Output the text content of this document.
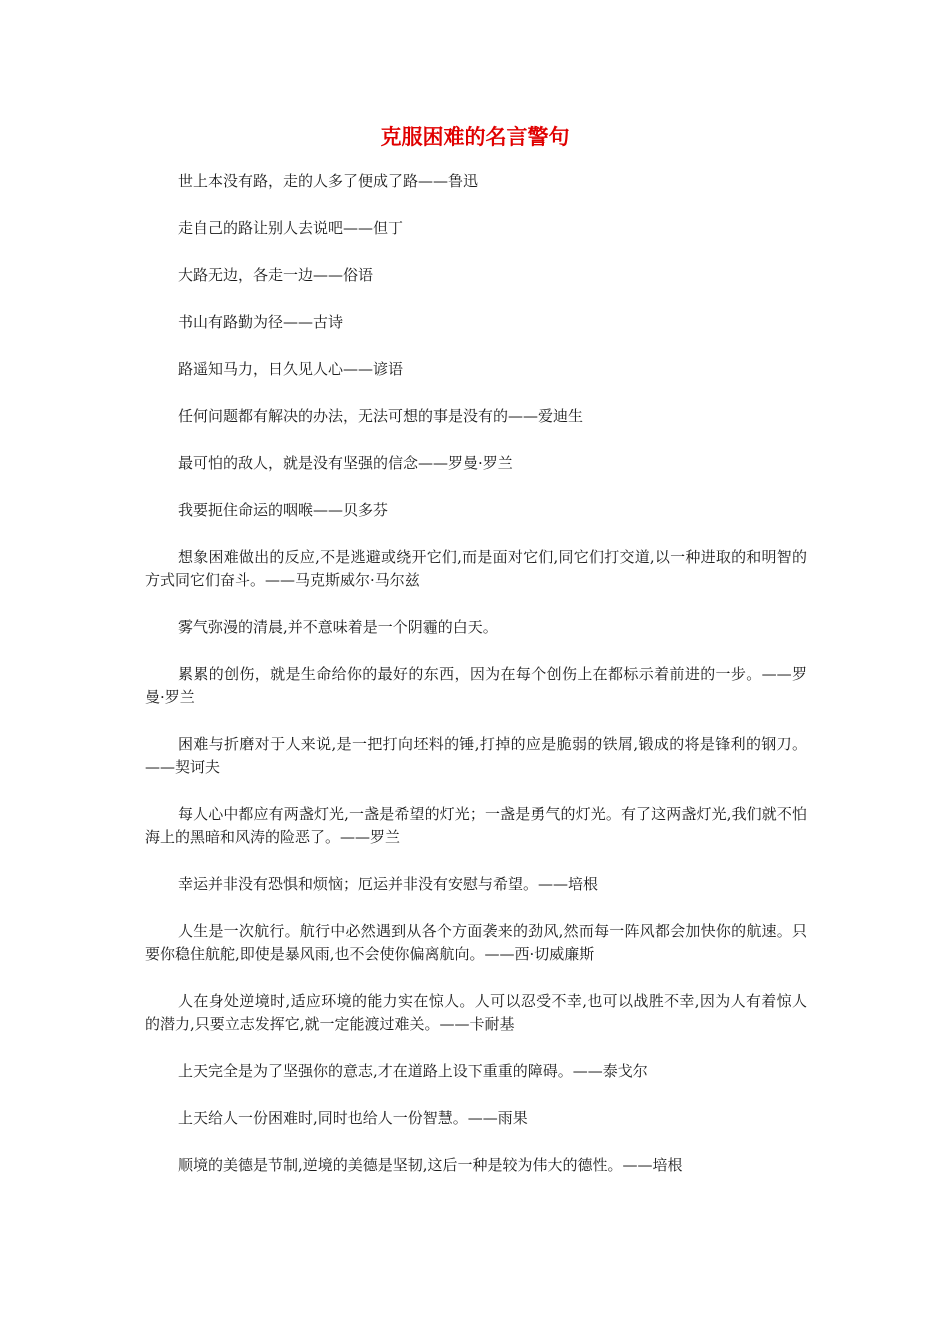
克服困难的名言警句

世上本没有路，走的人多了便成了路——鲁迅

走自己的路让别人去说吧——但丁

大路无边，各走一边——俗语

书山有路勤为径——古诗

路遥知马力，日久见人心——谚语

任何问题都有解决的办法，无法可想的事是没有的——爱迪生

最可怕的敌人，就是没有坚强的信念——罗曼·罗兰

我要扼住命运的咽喉——贝多芬

想象困难做出的反应,不是逃避或绕开它们,而是面对它们,同它们打交道,以一种进取的和明智的方式同它们奋斗。——马克斯威尔·马尔兹

雾气弥漫的清晨,并不意味着是一个阴霾的白天。

累累的创伤，就是生命给你的最好的东西，因为在每个创伤上在都标示着前进的一步。——罗曼·罗兰

困难与折磨对于人来说,是一把打向坯料的锤,打掉的应是脆弱的铁屑,锻成的将是锋利的钢刀。——契诃夫

每人心中都应有两盏灯光,一盏是希望的灯光；一盏是勇气的灯光。有了这两盏灯光,我们就不怕海上的黑暗和风涛的险恶了。——罗兰

幸运并非没有恐惧和烦恼；厄运并非没有安慰与希望。——培根

人生是一次航行。航行中必然遇到从各个方面袭来的劲风,然而每一阵风都会加快你的航速。只要你稳住航舵,即使是暴风雨,也不会使你偏离航向。——西·切威廉斯

人在身处逆境时,适应环境的能力实在惊人。人可以忍受不幸,也可以战胜不幸,因为人有着惊人的潜力,只要立志发挥它,就一定能渡过难关。——卡耐基

上天完全是为了坚强你的意志,才在道路上设下重重的障碍。——泰戈尔

上天给人一份困难时,同时也给人一份智慧。——雨果

顺境的美德是节制,逆境的美德是坚韧,这后一种是较为伟大的德性。——培根
